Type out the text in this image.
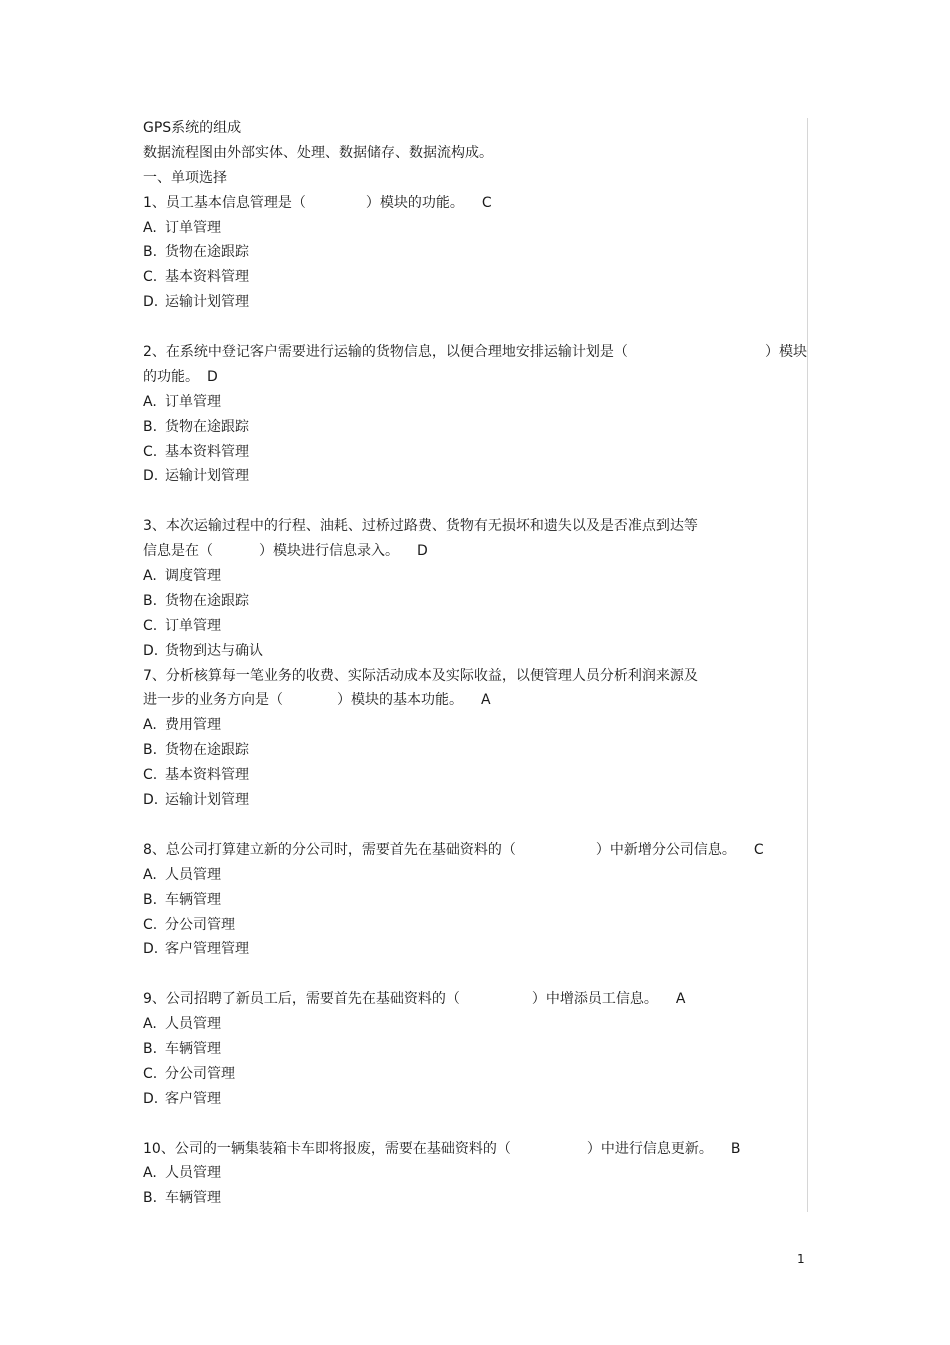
GPS系统的组成
数据流程图由外部实体、处理、数据储存、数据流构成。
一、单项选择
1、员工基本信息管理是（	）模块的功能。 C
A. 订单管理
B. 货物在途跟踪
C. 基本资料管理
D. 运输计划管理
2、在系统中登记客户需要进行运输的货物信息，以便合理地安排运输计划是（	）模块
的功能。 D
A. 订单管理
B. 货物在途跟踪
C. 基本资料管理
D. 运输计划管理
3、本次运输过程中的行程、油耗、过桥过路费、货物有无损坏和遗失以及是否准点到达等
信息是在（	）模块进行信息录入。 D
A. 调度管理
B. 货物在途跟踪
C. 订单管理
D. 货物到达与确认
7、分析核算每一笔业务的收费、实际活动成本及实际收益，以便管理人员分析利润来源及
进一步的业务方向是（	）模块的基本功能。 A
A. 费用管理
B. 货物在途跟踪
C. 基本资料管理
D. 运输计划管理
8、总公司打算建立新的分公司时，需要首先在基础资料的（	）中新增分公司信息。 C
A. 人员管理
B. 车辆管理
C. 分公司管理
D. 客户管理管理
9、公司招聘了新员工后，需要首先在基础资料的（	）中增添员工信息。 A
A. 人员管理
B. 车辆管理
C. 分公司管理
D. 客户管理
10、公司的一辆集装箱卡车即将报废，需要在基础资料的（	）中进行信息更新。 B
A. 人员管理
B. 车辆管理
1
